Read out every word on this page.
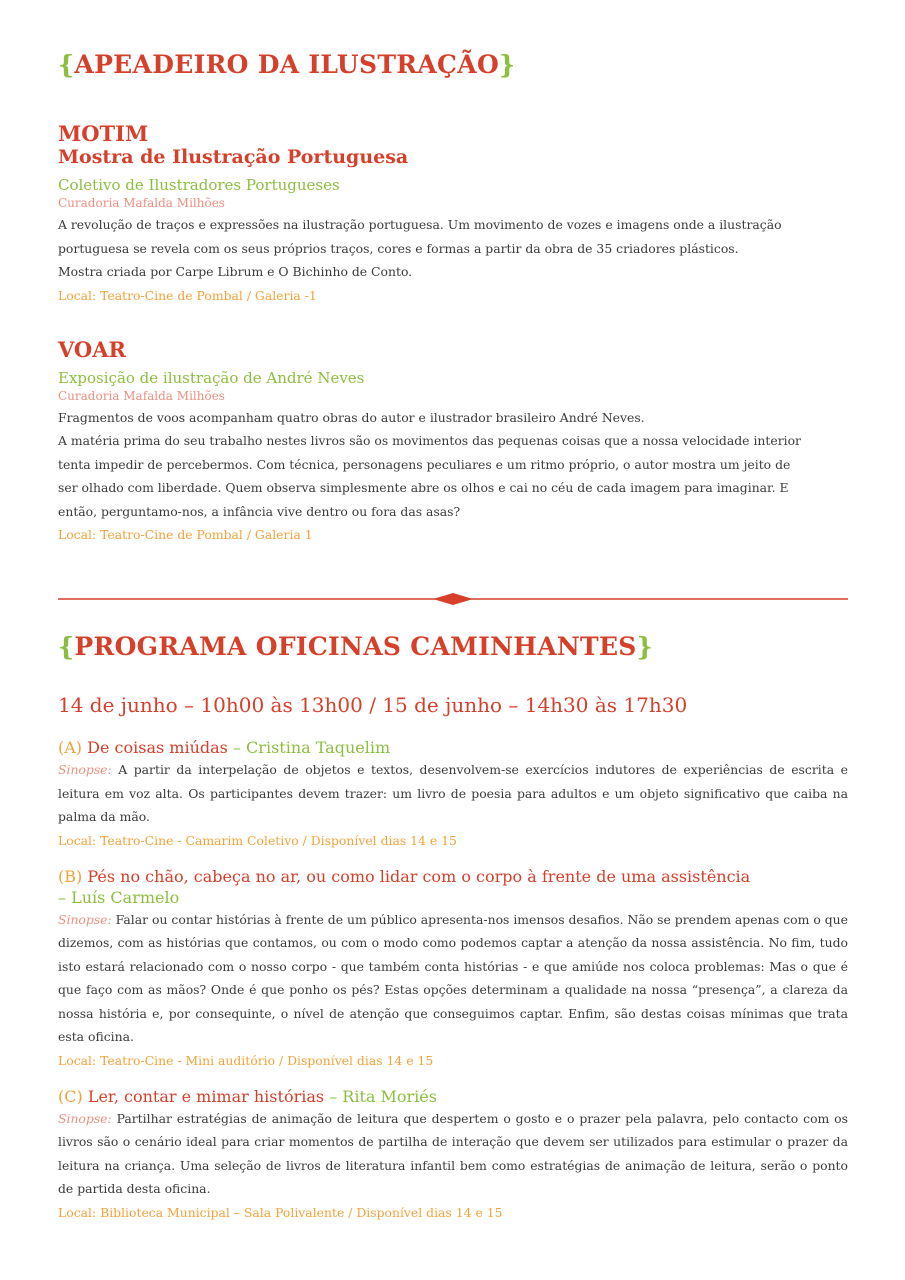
{APEADEIRO DA ILUSTRAÇÃO}
MOTIM
Mostra de Ilustração Portuguesa

Coletivo de Ilustradores Portugueses

Curadoria Mafalda Milhões

A revolução de traços e expressões na ilustração portuguesa. Um movimento de vozes e imagens onde a ilustração

portuguesa se revela com os seus próprios traços, cores e formas a partir da obra de 35 criadores plásticos.

Mostra criada por Carpe Librum e O Bichinho de Conto.

Local: Teatro-Cine de Pombal / Galeria -1

VOAR

Exposição de ilustração de André Neves

Curadoria Mafalda Milhões

Fragmentos de voos acompanham quatro obras do autor e ilustrador brasileiro André Neves.

A matéria prima do seu trabalho nestes livros são os movimentos das pequenas coisas que a nossa velocidade interior

tenta impedir de percebermos. Com técnica, personagens peculiares e um ritmo próprio, o autor mostra um jeito de

ser olhado com liberdade. Quem observa simplesmente abre os olhos e cai no céu de cada imagem para imaginar. E

então, perguntamo-nos, a infância vive dentro ou fora das asas?

Local: Teatro-Cine de Pombal / Galeria 1

{PROGRAMA OFICINAS CAMINHANTES}

14 de junho – 10h00 às 13h00 / 15 de junho – 14h30 às 17h30

(A) De coisas miúdas – Cristina Taquelim

Sinopse: A partir da interpelação de objetos e textos, desenvolvem-se exercícios indutores de experiências de escrita e leitura em voz alta. Os participantes devem trazer: um livro de poesia para adultos e um objeto significativo que caiba na palma da mão.

Local: Teatro-Cine - Camarim Coletivo / Disponível dias 14 e 15

(B) Pés no chão, cabeça no ar, ou como lidar com o corpo à frente de uma assistência
– Luís Carmelo

Sinopse: Falar ou contar histórias à frente de um público apresenta-nos imensos desafios. Não se prendem apenas com o que dizemos, com as histórias que contamos, ou com o modo como podemos captar a atenção da nossa assistência. No fim, tudo isto estará relacionado com o nosso corpo - que também conta histórias - e que amiúde nos coloca problemas: Mas o que é que faço com as mãos? Onde é que ponho os pés? Estas opções determinam a qualidade na nossa “presença”, a clareza da nossa história e, por consequinte, o nível de atenção que conseguimos captar. Enfim, são destas coisas mínimas que trata esta oficina.

Local: Teatro-Cine - Mini auditório / Disponível dias 14 e 15

(C) Ler, contar e mimar histórias – Rita Moriés

Sinopse: Partilhar estratégias de animação de leitura que despertem o gosto e o prazer pela palavra, pelo contacto com os livros são o cenário ideal para criar momentos de partilha de interação que devem ser utilizados para estimular o prazer da leitura na criança. Uma seleção de livros de literatura infantil bem como estratégias de animação de leitura, serão o ponto de partida desta oficina.

Local: Biblioteca Municipal – Sala Polivalente / Disponível dias 14 e 15
